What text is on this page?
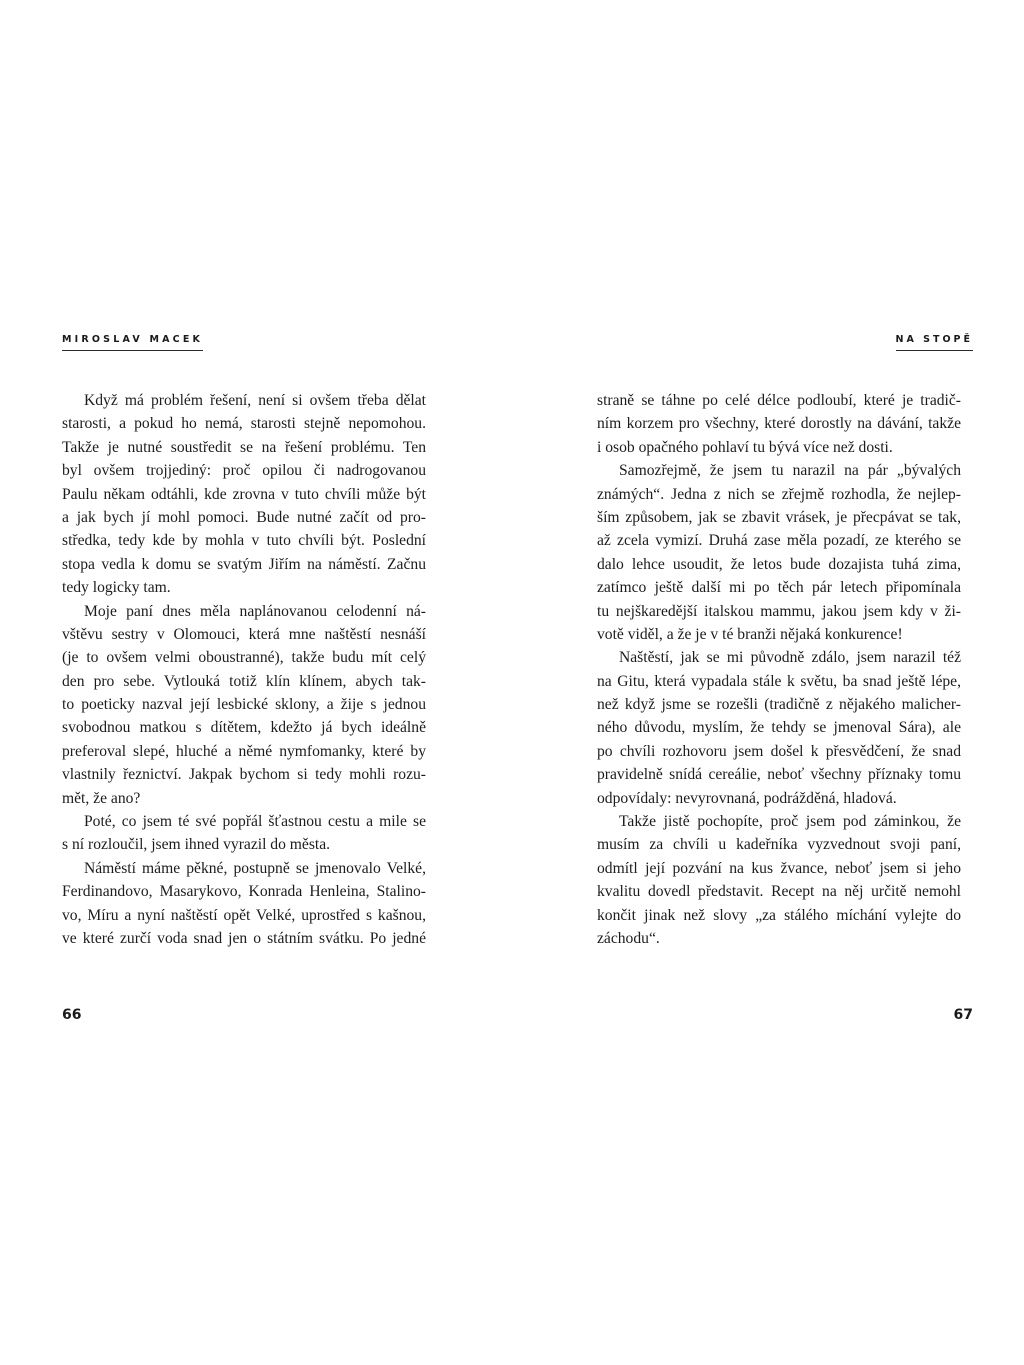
MIROSLAV MACEK
Když má problém řešení, není si ovšem třeba dělat
starosti, a pokud ho nemá, starosti stejně nepomohou.
Takže je nutné soustředit se na řešení problému. Ten
byl ovšem trojjediný: proč opilou či nadrogovanou
Paulu někam odtáhli, kde zrovna v tuto chvíli může být
a jak bych jí mohl pomoci. Bude nutné začít od pro-
středka, tedy kde by mohla v tuto chvíli být. Poslední
stopa vedla k domu se svatým Jiřím na náměstí. Začnu
tedy logicky tam.
Moje paní dnes měla naplánovanou celodenní ná-
vštěvu sestry v Olomouci, která mne naštěstí nesnáší
(je to ovšem velmi oboustranné), takže budu mít celý
den pro sebe. Vytlouká totiž klín klínem, abych tak-
to poeticky nazval její lesbické sklony, a žije s jednou
svobodnou matkou s dítětem, kdežto já bych ideálně
preferoval slepé, hluché a němé nymfomanky, které by
vlastnily řeznictví. Jakpak bychom si tedy mohli rozu-
mět, že ano?
Poté, co jsem té své popřál šťastnou cestu a mile se
s ní rozloučil, jsem ihned vyrazil do města.
Náměstí máme pěkné, postupně se jmenovalo Velké,
Ferdinandovo, Masarykovo, Konrada Henleina, Stalino-
vo, Míru a nyní naštěstí opět Velké, uprostřed s kašnou,
ve které zurčí voda snad jen o státním svátku. Po jedné
66
NA STOPĚ
straně se táhne po celé délce podloubí, které je tradič-
ním korzem pro všechny, které dorostly na dávání, takže
i osob opačného pohlaví tu bývá více než dosti.
Samozřejmě, že jsem tu narazil na pár „bývalých
známých“. Jedna z nich se zřejmě rozhodla, že nejlep-
ším způsobem, jak se zbavit vrásek, je přecpávat se tak,
až zcela vymizí. Druhá zase měla pozadí, ze kterého se
dalo lehce usoudit, že letos bude dozajista tuhá zima,
zatímco ještě další mi po těch pár letech připomínala
tu nejškaredější italskou mammu, jakou jsem kdy v ži-
votě viděl, a že je v té branži nějaká konkurence!
Naštěstí, jak se mi původně zdálo, jsem narazil též
na Gitu, která vypadala stále k světu, ba snad ještě lépe,
než když jsme se rozešli (tradičně z nějakého malicher-
ného důvodu, myslím, že tehdy se jmenoval Sára), ale
po chvíli rozhovoru jsem došel k přesvědčení, že snad
pravidelně snídá cereálie, neboť všechny příznaky tomu
odpovídaly: nevyrovnaná, podrážděná, hladová.
Takže jistě pochopíte, proč jsem pod záminkou, že
musím za chvíli u kadeřníka vyzvednout svoji paní,
odmítl její pozvání na kus žvance, neboť jsem si jeho
kvalitu dovedl představit. Recept na něj určitě nemohl
končit jinak než slovy „za stálého míchání vylejte do
záchodu“.
67
